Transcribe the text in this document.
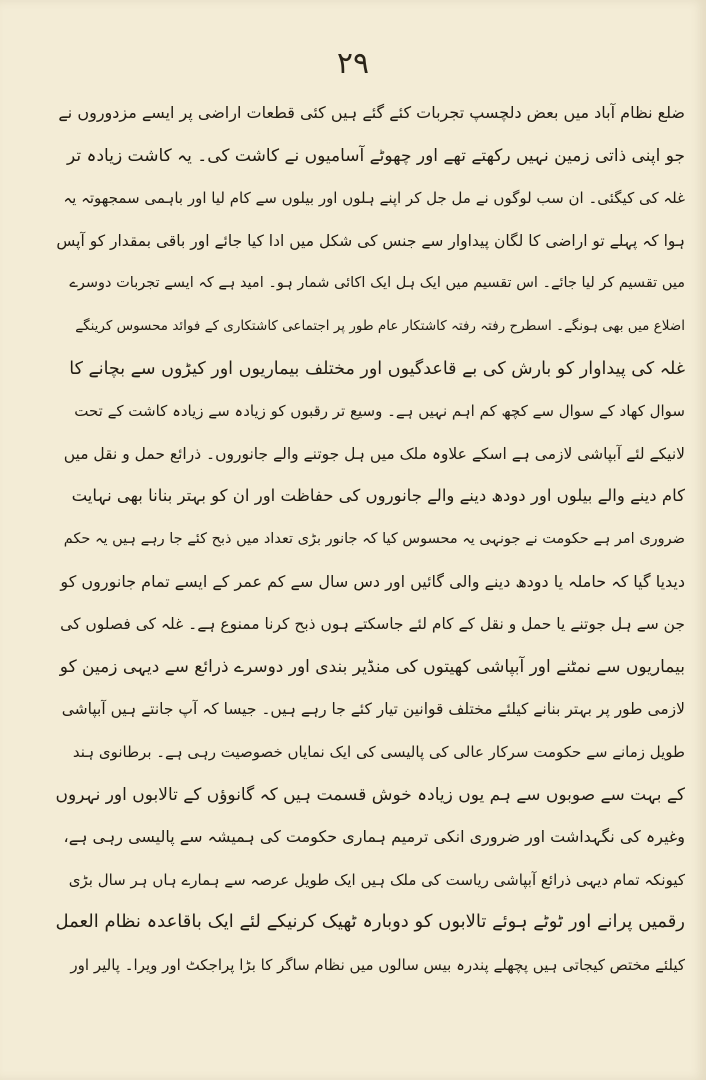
۲۹
ضلع نظام آباد میں بعض دلچسپ تجربات کئے گئے ہیں کئی قطعات اراضی پر ایسے مزدوروں نے
جو اپنی ذاتی زمین نہیں رکھتے تھے اور چھوٹے آسامیوں نے کاشت کی۔ یہ کاشت زیادہ تر
غلہ کی کیگئی۔ ان سب لوگوں نے مل جل کر اپنے ہلوں اور بیلوں سے کام لیا اور باہمی سمجھوتہ یہ
ہوا کہ پہلے تو اراضی کا لگان پیداوار سے جنس کی شکل میں ادا کیا جائے اور باقی بمقدار کو آپس
میں تقسیم کر لیا جائے۔ اس تقسیم میں ایک ہل ایک اکائی شمار ہو۔ امید ہے کہ ایسے تجربات دوسرے
اضلاع میں بھی ہونگے۔ اسطرح رفتہ رفتہ کاشتکار عام طور پر اجتماعی کاشتکاری کے فوائد محسوس کرینگے
غلہ کی پیداوار کو بارش کی بے قاعدگیوں اور مختلف بیماریوں اور کیڑوں سے بچانے کا
سوال کھاد کے سوال سے کچھ کم اہم نہیں ہے۔ وسیع تر رقبوں کو زیادہ سے زیادہ کاشت کے تحت
لانیکے لئے آبپاشی لازمی ہے اسکے علاوہ ملک میں ہل جوتنے والے جانوروں۔ ذرائع حمل و نقل میں
کام دینے والے بیلوں اور دودھ دینے والے جانوروں کی حفاظت اور ان کو بہتر بنانا بھی نہایت
ضروری امر ہے حکومت نے جونہی یہ محسوس کیا کہ جانور بڑی تعداد میں ذبح کئے جا رہے ہیں یہ حکم
دیدیا گیا کہ حاملہ یا دودھ دینے والی گائیں اور دس سال سے کم عمر کے ایسے تمام جانوروں کو
جن سے ہل جوتنے یا حمل و نقل کے کام لئے جاسکتے ہوں ذبح کرنا ممنوع ہے۔ غلہ کی فصلوں کی
بیماریوں سے نمٹنے اور آبپاشی کھیتوں کی منڈیر بندی اور دوسرے ذرائع سے دیہی زمین کو
لازمی طور پر بہتر بنانے کیلئے مختلف قوانین تیار کئے جا رہے ہیں۔ جیسا کہ آپ جانتے ہیں آبپاشی
طویل زمانے سے حکومت سرکار عالی کی پالیسی کی ایک نمایاں خصوصیت رہی ہے۔ برطانوی ہند
کے بہت سے صوبوں سے ہم یوں زیادہ خوش قسمت ہیں کہ گانوؤں کے تالابوں اور نہروں
وغیرہ کی نگہداشت اور ضروری انکی ترمیم ہماری حکومت کی ہمیشہ سے پالیسی رہی ہے،
کیونکہ تمام دیہی ذرائع آبپاشی ریاست کی ملک ہیں ایک طویل عرصہ سے ہمارے ہاں ہر سال بڑی
رقمیں پرانے اور ٹوٹے ہوئے تالابوں کو دوبارہ ٹھیک کرنیکے لئے ایک باقاعدہ نظام العمل
کیلئے مختص کیجاتی ہیں پچھلے پندرہ بیس سالوں میں نظام ساگر کا بڑا پراجکٹ اور ویرا۔ پالیر اور
